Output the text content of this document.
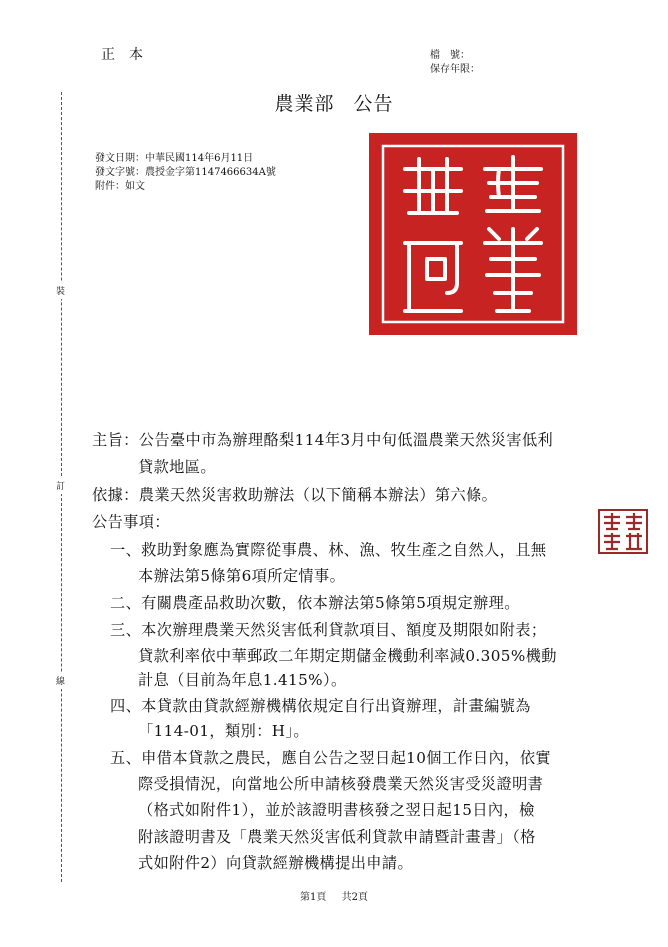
正本	檔　號：
保存年限：
農業部 公告
裝
訂
線
發文日期：中華民國114年6月11日
發文字號：農授金字第1147466634A號
附件：如文
主旨：公告臺中市為辦理酪梨114年3月中旬低溫農業天然災害低利
貸款地區。
依據：農業天然災害救助辦法（以下簡稱本辦法）第六條。
公告事項：
一、救助對象應為實際從事農、林、漁、牧生產之自然人，且無
本辦法第5條第6項所定情事。
二、有關農產品救助次數，依本辦法第5條第5項規定辦理。
三、本次辦理農業天然災害低利貸款項目、額度及期限如附表；
貸款利率依中華郵政二年期定期儲金機動利率減0.305%機動
計息（目前為年息1.415%）。
四、本貸款由貸款經辦機構依規定自行出資辦理，計畫編號為
「114-01，類別：H」。
五、申借本貸款之農民，應自公告之翌日起10個工作日內，依實
際受損情況，向當地公所申請核發農業天然災害受災證明書
（格式如附件1），並於該證明書核發之翌日起15日內，檢
附該證明書及「農業天然災害低利貸款申請暨計畫書」（格
式如附件2）向貸款經辦機構提出申請。
第1頁 共2頁
